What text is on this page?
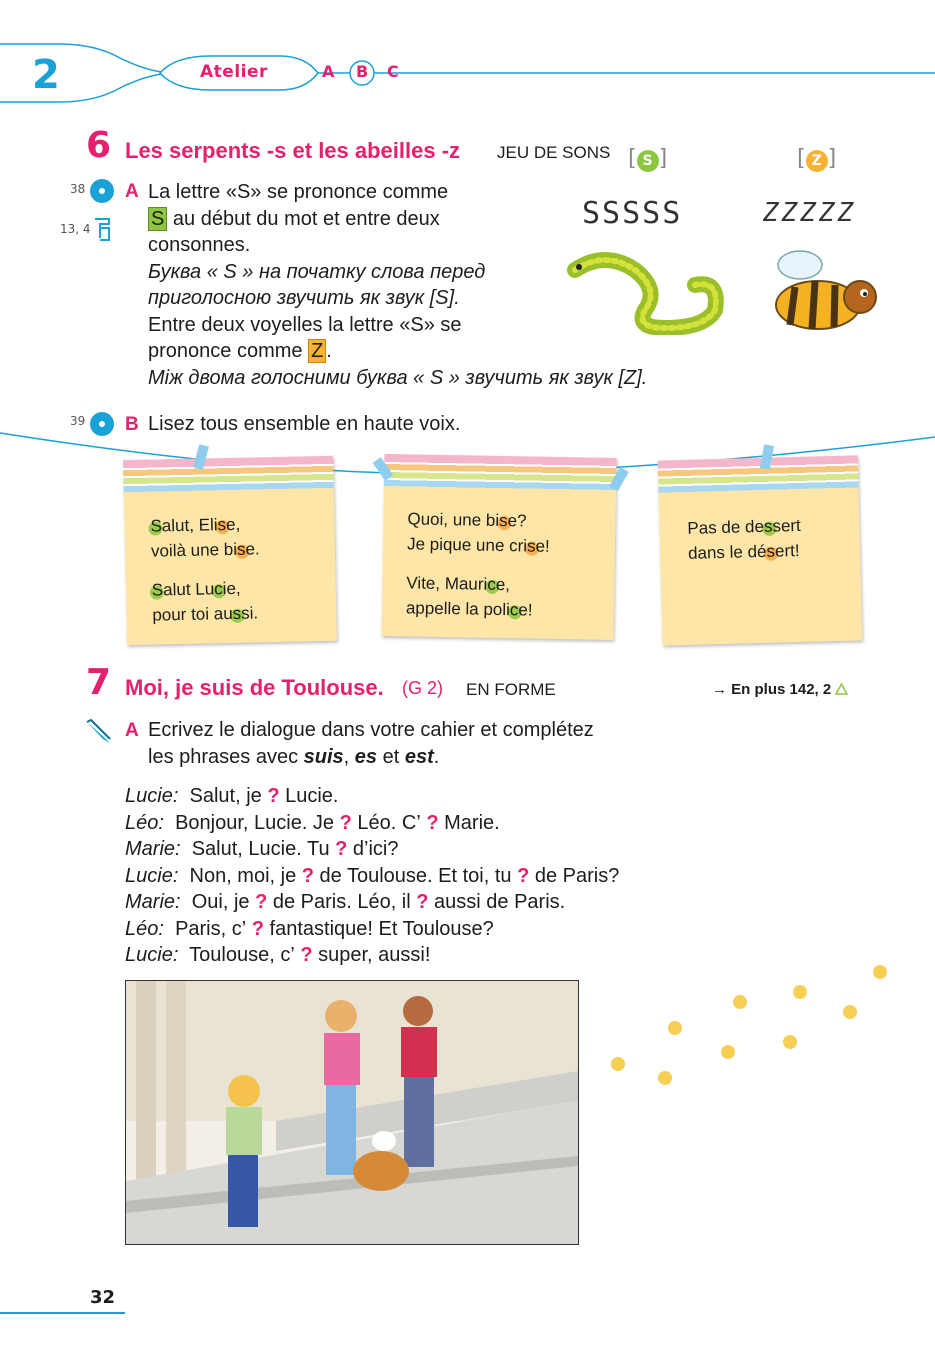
2	Atelier	A B C
6 Les serpents -s et les abeilles -z JEU DE SONS [ S ]	[ Z ]
SSSSS	ZZZZZ
38
13, 4
A La lettre «S» se prononce comme
S au début du mot et entre deux
consonnes.
Буква « S » на початку слова перед
приголосною звучить як звук [S].
Entre deux voyelles la lettre «S» se
prononce comme Z .
Між двома голосними буква « S » звучить як звук [Z].
39 B Lisez tous ensemble en haute voix.
Salut, Elise,
voilà une bise.
Salut Lucie,
pour toi aussi.
Quoi, une bise?
Je pique une crise!
Vite, Maurice,
appelle la police!
Pas de dessert
dans le désert!
7 Moi, je suis de Toulouse. (G 2) EN FORME	→ En plus 142, 2
A Ecrivez le dialogue dans votre cahier et complétez
les phrases avec suis, es et est.
Lucie: Salut, je ? Lucie.
Léo: Bonjour, Lucie. Je ? Léo. C’ ? Marie.
Marie: Salut, Lucie. Tu ? d’ici?
Lucie: Non, moi, je ? de Toulouse. Et toi, tu ? de Paris?
Marie: Oui, je ? de Paris. Léo, il ? aussi de Paris.
Léo: Paris, c’ ? fantastique! Et Toulouse?
Lucie: Toulouse, c’ ? super, aussi!
32
